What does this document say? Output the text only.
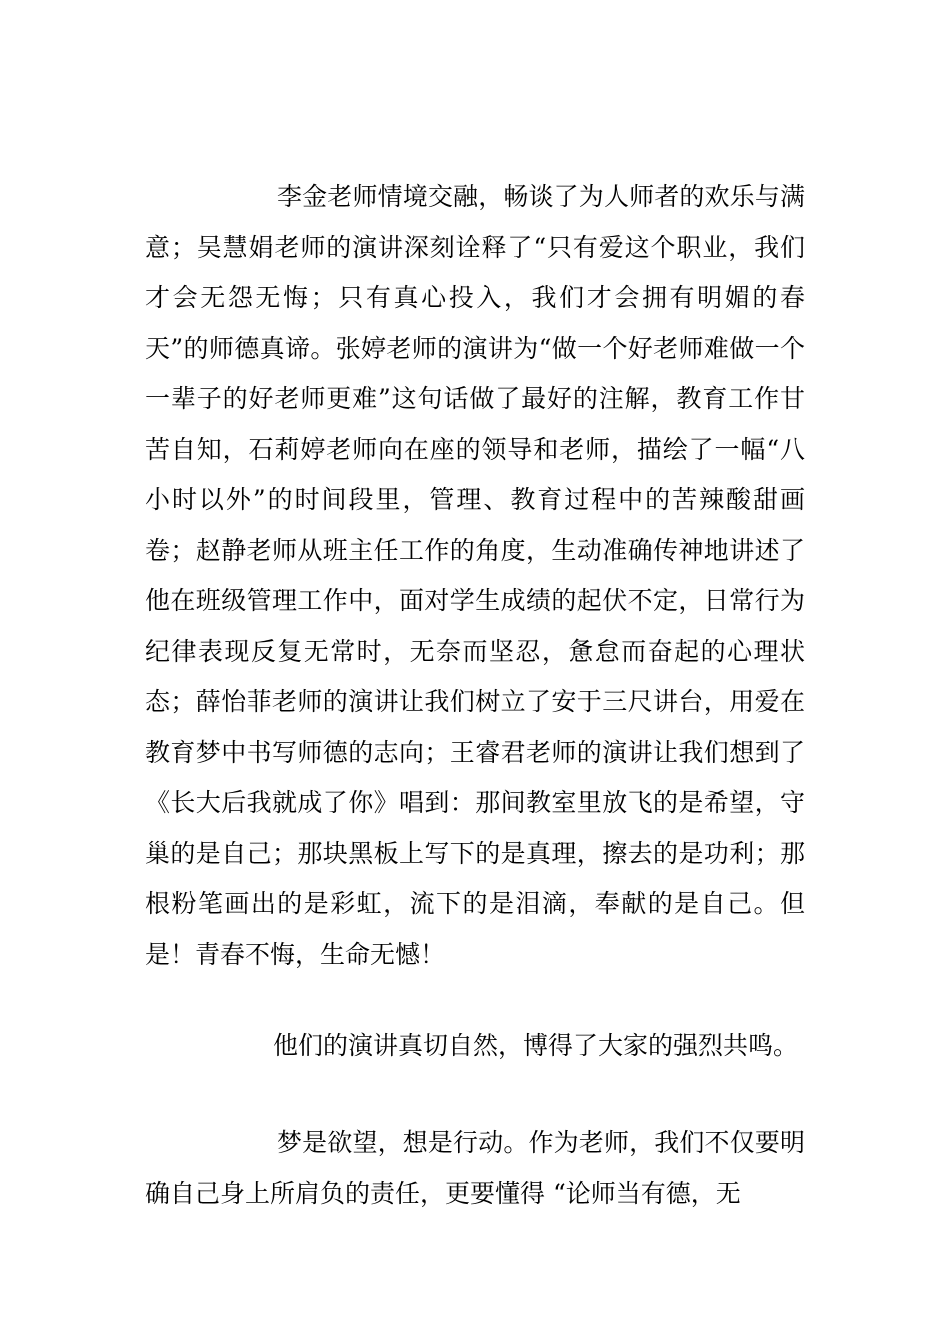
李金老师情境交融，畅谈了为人师者的欢乐与满意；吴慧娟老师的演讲深刻诠释了“只有爱这个职业，我们才会无怨无悔；只有真心投入，我们才会拥有明媚的春天”的师德真谛。张婷老师的演讲为“做一个好老师难做一个一辈子的好老师更难”这句话做了最好的注解，教育工作甘苦自知，石莉婷老师向在座的领导和老师，描绘了一幅“八小时以外”的时间段里，管理、教育过程中的苦辣酸甜画卷；赵静老师从班主任工作的角度，生动准确传神地讲述了他在班级管理工作中，面对学生成绩的起伏不定，日常行为纪律表现反复无常时，无奈而坚忍，惫怠而奋起的心理状态；薛怡菲老师的演讲让我们树立了安于三尺讲台，用爱在教育梦中书写师德的志向；王睿君老师的演讲让我们想到了《长大后我就成了你》唱到：那间教室里放飞的是希望，守巢的是自己；那块黑板上写下的是真理，擦去的是功利；那根粉笔画出的是彩虹，流下的是泪滴，奉献的是自己。但是！青春不悔，生命无憾！

他们的演讲真切自然，博得了大家的强烈共鸣。

梦是欲望，想是行动。作为老师，我们不仅要明确自己身上所肩负的责任，更要懂得 “论师当有德，无
